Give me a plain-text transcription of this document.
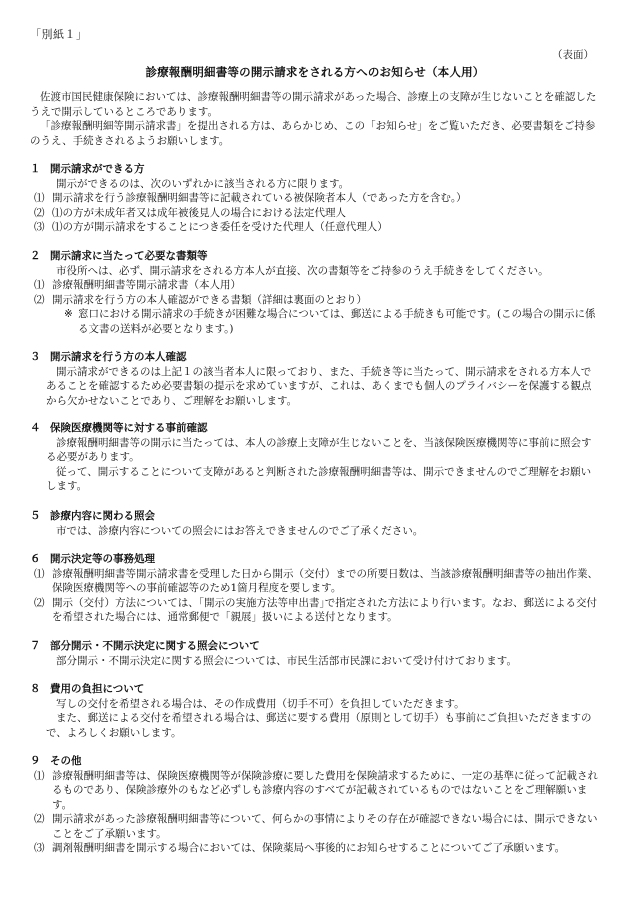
「別紙１」
（表面）
診療報酬明細書等の開示請求をされる方へのお知らせ（本人用）

佐渡市国民健康保険においては、診療報酬明細書等の開示請求があった場合、診療上の支障が生じないことを確認したうえで開示しているところであります。

「診療報酬明細等開示請求書」を提出される方は、あらかじめ、この「お知らせ」をご覧いただき、必要書類をご持参のうえ、手続きされるようお願いします。

１ 開示請求ができる方
開示ができるのは、次のいずれかに該当される方に限ります。
⑴ 開示請求を行う診療報酬明細書等に記載されている被保険者本人（であった方を含む。）
⑵ ⑴の方が未成年者又は成年被後見人の場合における法定代理人
⑶ ⑴の方が開示請求をすることにつき委任を受けた代理人（任意代理人）
２ 開示請求に当たって必要な書類等
市役所へは、必ず、開示請求をされる方本人が直接、次の書類等をご持参のうえ手続きをしてください。
⑴ 診療報酬明細書等開示請求書（本人用）
⑵ 開示請求を行う方の本人確認ができる書類（詳細は裏面のとおり）
※ 窓口における開示請求の手続きが困難な場合については、郵送による手続きも可能です。(この場合の開示に係る文書の送料が必要となります。)
３ 開示請求を行う方の本人確認
開示請求ができるのは上記１の該当者本人に限っており、また、手続き等に当たって、開示請求をされる方本人であることを確認するため必要書類の提示を求めていますが、これは、あくまでも個人のプライバシーを保護する観点から欠かせないことであり、ご理解をお願いします。
４ 保険医療機関等に対する事前確認
診療報酬明細書等の開示に当たっては、本人の診療上支障が生じないことを、当該保険医療機関等に事前に照会する必要があります。
従って、開示することについて支障があると判断された診療報酬明細書等は、開示できませんのでご理解をお願いします。
５ 診療内容に関わる照会
市では、診療内容についての照会にはお答えできませんのでご了承ください。
６ 開示決定等の事務処理
⑴ 診療報酬明細書等開示請求書を受理した日から開示（交付）までの所要日数は、当該診療報酬明細書等の抽出作業、保険医療機関等への事前確認等のため1箇月程度を要します。
⑵ 開示（交付）方法については、｢開示の実施方法等申出書｣で指定された方法により行います。なお、郵送による交付を希望された場合には、通常郵便で「親展」扱いによる送付となります。
７ 部分開示・不開示決定に関する照会について
部分開示・不開示決定に関する照会については、市民生活部市民課において受け付けております。
８ 費用の負担について
写しの交付を希望される場合は、その作成費用（切手不可）を負担していただきます。
また、郵送による交付を希望される場合は、郵送に要する費用（原則として切手）も事前にご負担いただきますので、よろしくお願いします。
９ その他
⑴ 診療報酬明細書等は、保険医療機関等が保険診療に要した費用を保険請求するために、一定の基準に従って記載されるものであり、保険診療外のもなど必ずしも診療内容のすべてが記載されているものではないことをご理解願います。
⑵ 開示請求があった診療報酬明細書等について、何らかの事情によりその存在が確認できない場合には、開示できないことをご了承願います。
⑶ 調剤報酬明細書を開示する場合においては、保険薬局へ事後的にお知らせすることについてご了承願います。
